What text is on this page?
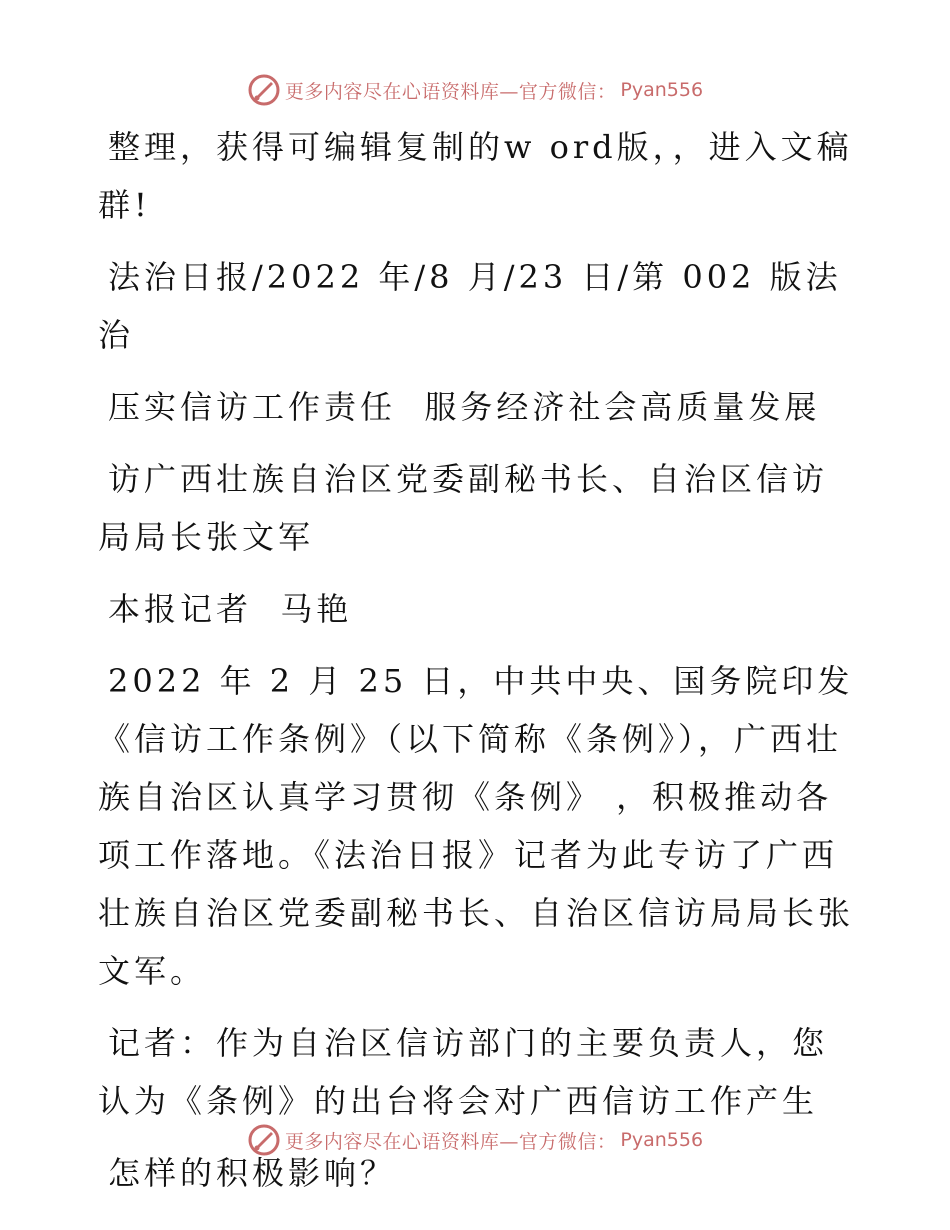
更多内容尽在心语资料库—官方微信： Pyan556

整理，获得可编辑复制的w ord版，，进入文稿群!

法治日报/2022 年/8 月/23 日/第 002 版法治

压实信访工作责任  服务经济社会高质量发展

访广西壮族自治区党委副秘书长、自治区信访局局长张文军

本报记者  马艳

2022 年 2 月 25 日，中共中央、国务院印发《信访工作条例》（以下简称《条例》），广西壮族自治区认真学习贯彻《条例》 ，积极推动各项工作落地。《法治日报》记者为此专访了广西壮族自治区党委副秘书长、自治区信访局局长张文军。

记者：作为自治区信访部门的主要负责人，您认为《条例》的出台将会对广西信访工作产生

怎样的积极影响？

更多内容尽在心语资料库—官方微信： Pyan556
